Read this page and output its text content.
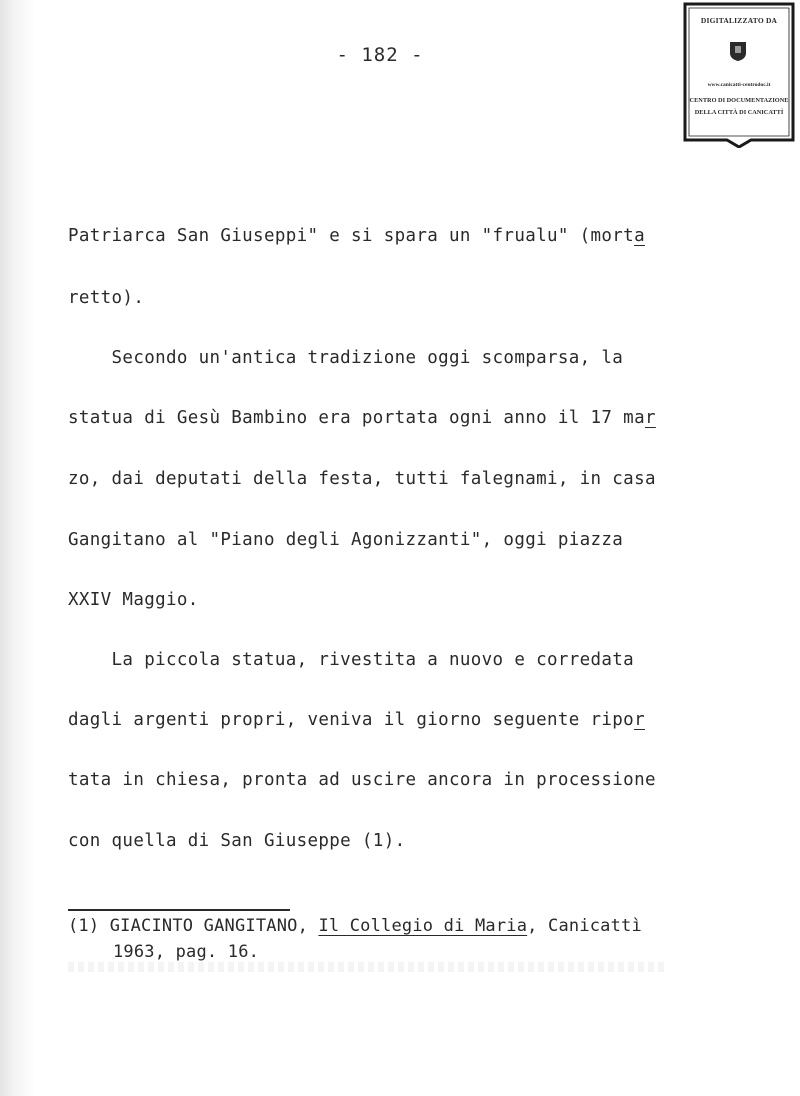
- 182 -
DIGITALIZZATO DA
www.canicatti-centrodoc.it
CENTRO DI DOCUMENTAZIONE
DELLA CITTÀ DI CANICATTÌ
Patriarca San Giuseppi" e si spara un "frualu" (morta
retto).
Secondo un'antica tradizione oggi scomparsa, la
statua di Gesù Bambino era portata ogni anno il 17 mar
zo, dai deputati della festa, tutti falegnami, in casa
Gangitano al "Piano degli Agonizzanti", oggi piazza
XXIV Maggio.
La piccola statua, rivestita a nuovo e corredata
dagli argenti propri, veniva il giorno seguente ripor
tata in chiesa, pronta ad uscire ancora in processione
con quella di San Giuseppe (1).
(1) GIACINTO GANGITANO, Il Collegio di Maria, Canicattì
1963, pag. 16.
